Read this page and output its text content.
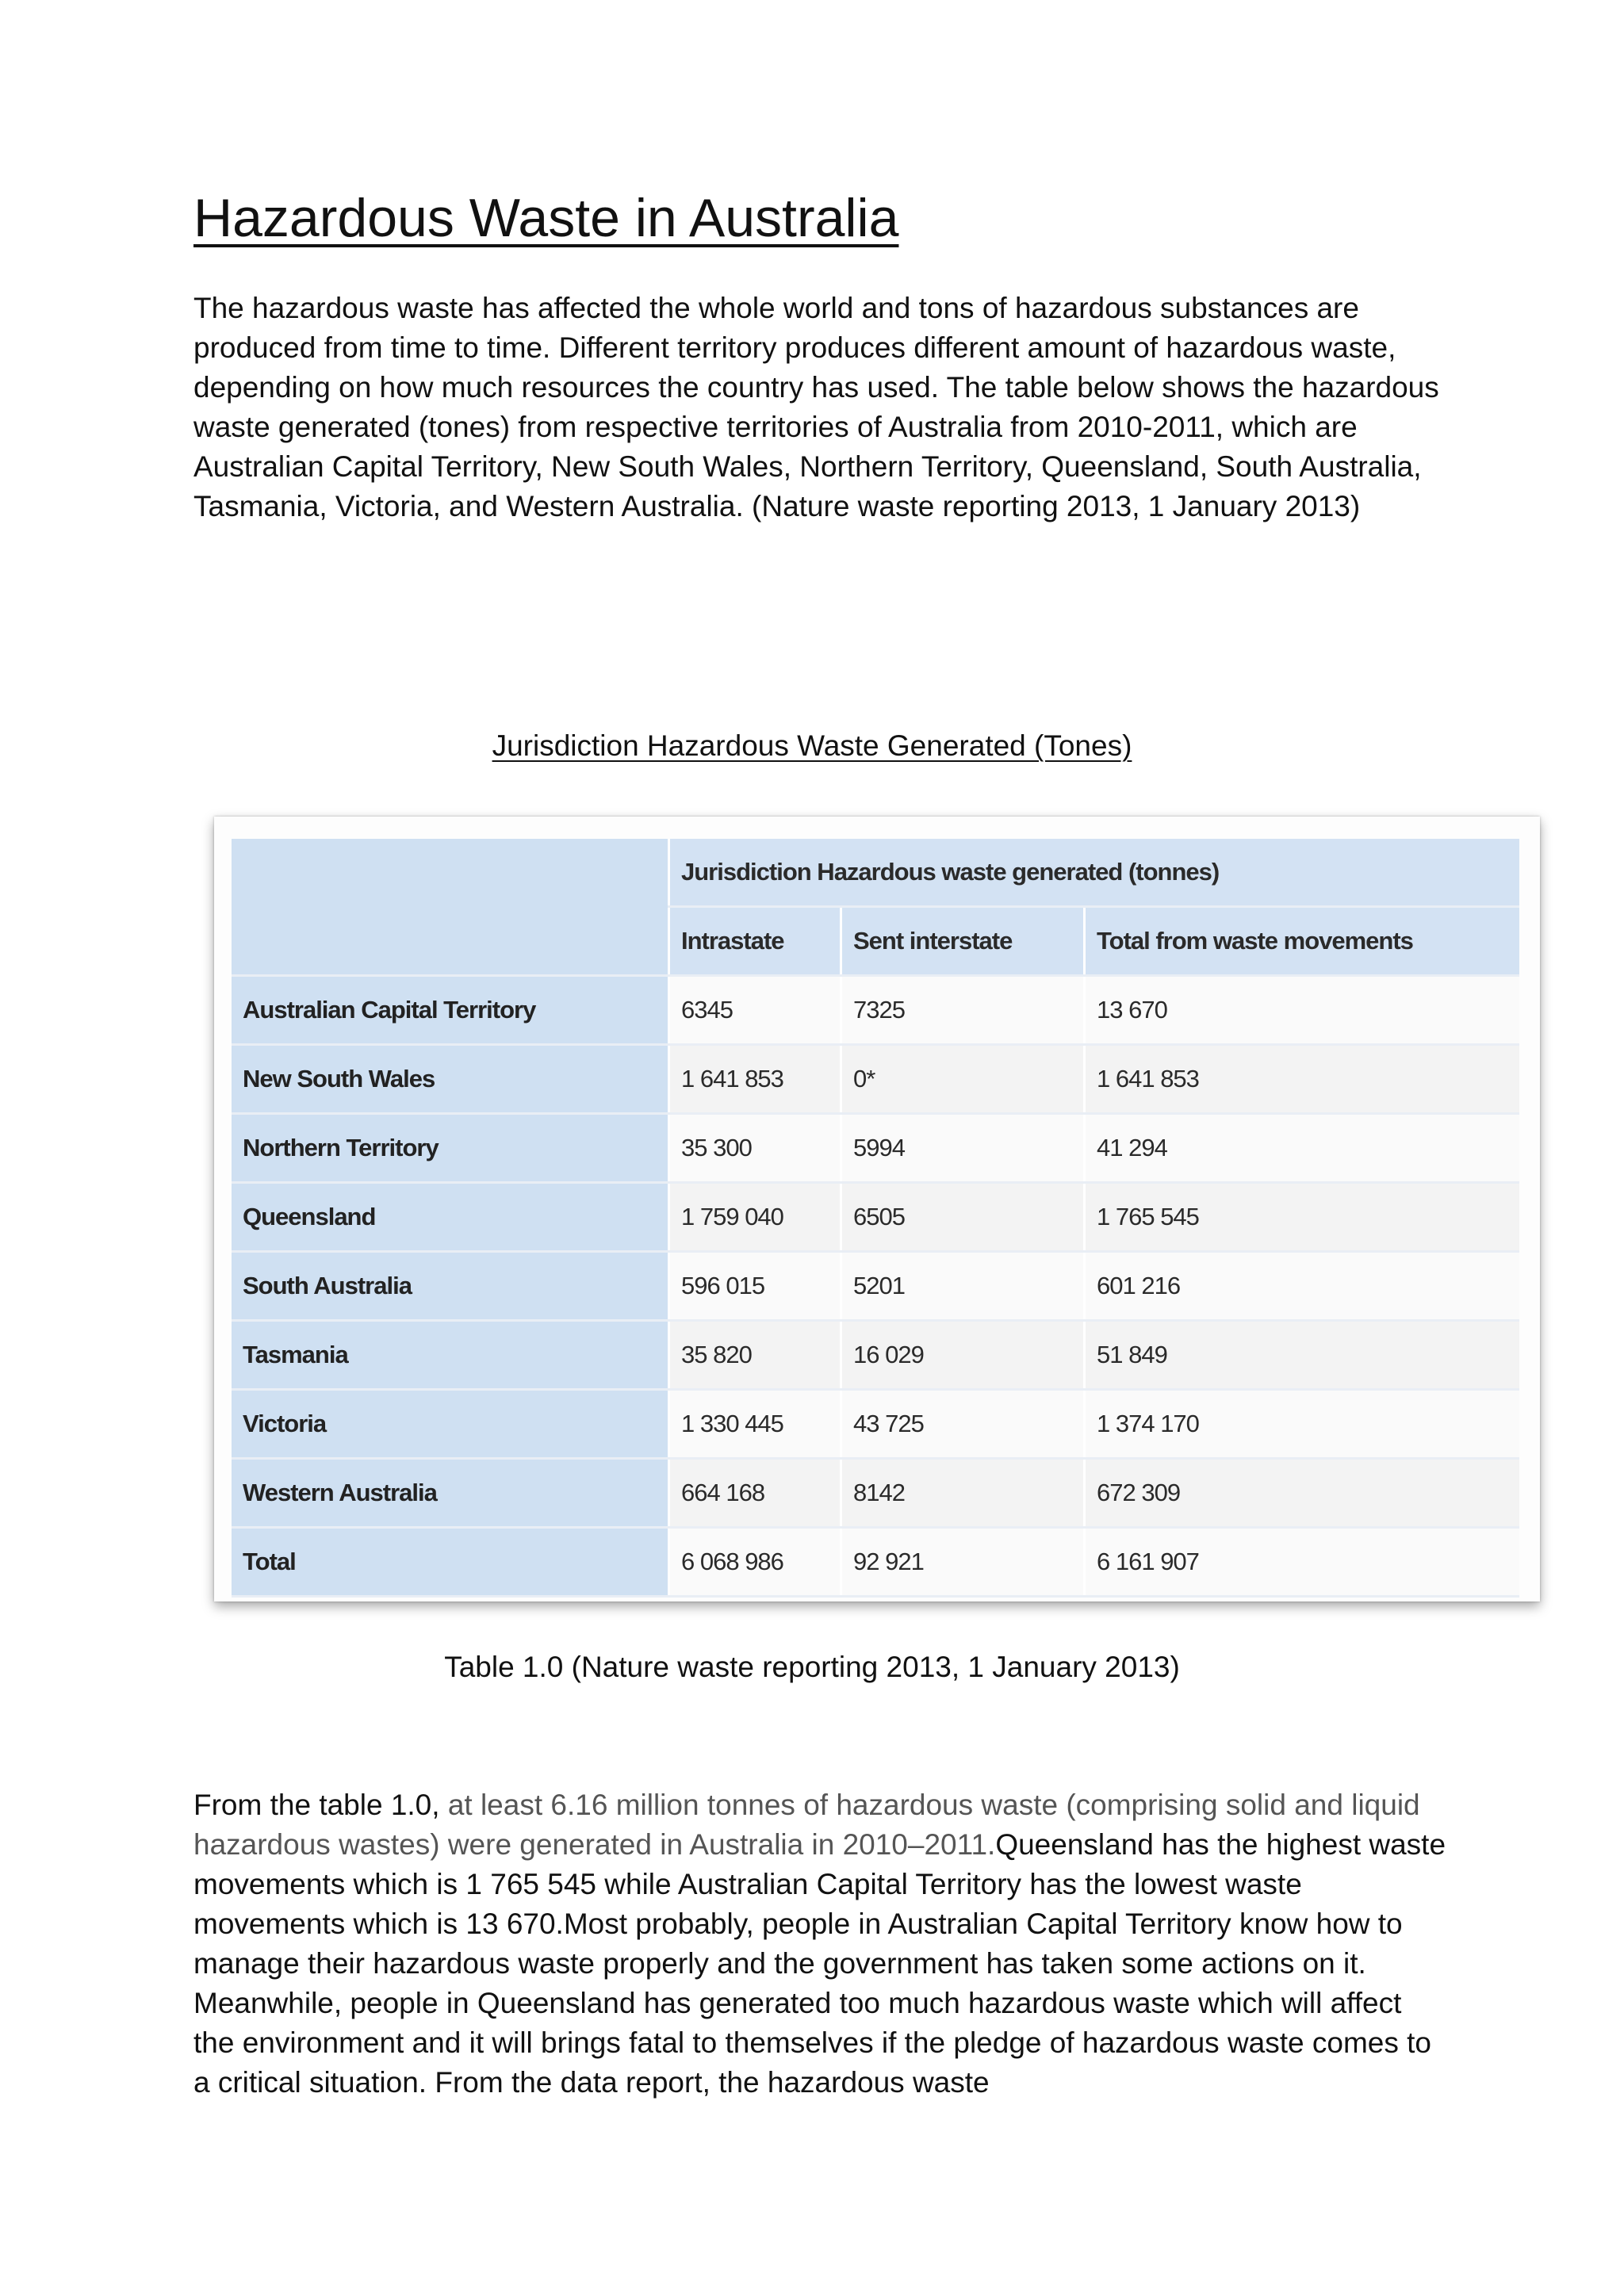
Hazardous Waste in Australia

The hazardous waste has affected the whole world and tons of hazardous substances are produced from time to time. Different territory produces different amount of hazardous waste, depending on how much resources the country has used. The table below shows the hazardous waste generated (tones) from respective territories of Australia from 2010-2011, which are Australian Capital Territory, New South Wales, Northern Territory, Queensland, South Australia, Tasmania, Victoria, and Western Australia. (Nature waste reporting 2013, 1 January 2013)

Jurisdiction Hazardous Waste Generated (Tones)
	Jurisdiction Hazardous waste generated (tonnes)		
	Intrastate	Sent interstate	Total from waste movements
Australian Capital Territory	6345	7325	13 670
New South Wales	1 641 853	0*	1 641 853
Northern Territory	35 300	5994	41 294
Queensland	1 759 040	6505	1 765 545
South Australia	596 015	5201	601 216
Tasmania	35 820	16 029	51 849
Victoria	1 330 445	43 725	1 374 170
Western Australia	664 168	8142	672 309
Total	6 068 986	92 921	6 161 907
Table 1.0 (Nature waste reporting 2013, 1 January 2013)

From the table 1.0, at least 6.16 million tonnes of hazardous waste (comprising solid and liquid hazardous wastes) were generated in Australia in 2010–2011.Queensland has the highest waste movements which is 1 765 545 while Australian Capital Territory has the lowest waste movements which is 13 670.Most probably, people in Australian Capital Territory know how to manage their hazardous waste properly and the government has taken some actions on it. Meanwhile, people in Queensland has generated too much hazardous waste which will affect the environment and it will brings fatal to themselves if the pledge of hazardous waste comes to a critical situation. From the data report, the hazardous waste
